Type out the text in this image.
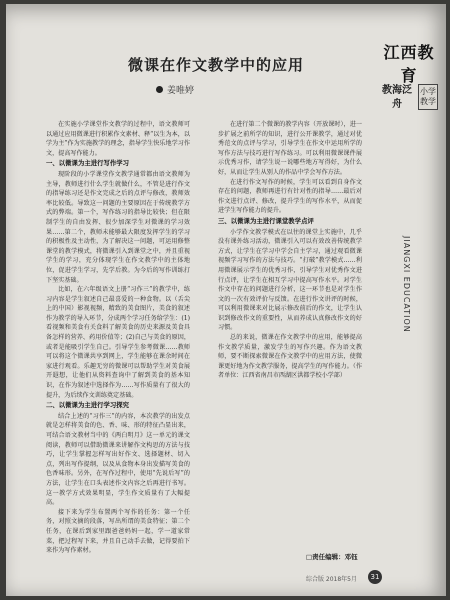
微课在作文教学中的应用
姜唯婷
江西教育
教海泛舟
小学教学
JIANGXI EDUCATION

在实施小学课堂作文教学的过程中，语文教师可以通过应用微课进行积累作文素材、释“以生为本，以学为主”作为实施教学的理念，指导学生快乐地学习作文，提高写作能力。

一、以微课为主进行写作学习

现阶段的小学课堂作文教学通常都由语文教师为主导，教师进行什么学生就做什么，不管是进行作文的指导练习还是作文完成之后的点评与修改，教师效率比较低。导致这一问题的主要原因在于传统教学方式的弊端。第一个，写作练习的指导比较快；但在限制学生的自由发挥、很少加深学生对微课的学习效果……第二个，教师未能够最大限度发挥学生的学习的积极性及主动性，为了解决这一问题，可运用修整课堂的教学模式，将微课引入到课堂之中，并且重视学生的学习，充分体现学生在作文教学中的主体地位，促进学生学习，先学后教。为今后的写作训练打下坚实基础。

比如，在六年级语文上册“习作三”的教学中，练习内容是学生叙述自己最喜爱的一种食物。以（舌尖上的中国）影视视频，精致的美食图片，美食的叙述作为教学的导入环节，分成两个学习任务给学生：(1)看视频和美食有关食料了解美食的历史来源及美食具备怎样的营养、药用价值等；(2)自己与美食的原因，或者是能吸引学生自己。引导学生参考微课……教师可以将这个微课共享到网上，学生能够在课余时间在家进行观看。乐趣无穷的微课可以帮助学生对美食展开遐想，让他们从资料查询中了解到美食的基本知识，在作为叙述中选择作为……写作质量有了很大的提升，为后续作文训练奠定基础。

二、以微课为主进行学习探究

结合上述的“习作三”的内容，本次教学的出发点就是怎样将美食的色、香、味、形的特征凸显出来，可结合语文教材当中的《两白明月》这一单元的课文阅读，教师可以借助微课来讲解作文构思的方法与技巧，让学生掌握怎样写出好作文、选择题材、切入点，列出写作提纲，以及从食物本身出发描写美食的色香味形。另外，在写作过程中，使用“先说后写”的方法，让学生在口头表述作文内容之后再进行书写。这一教学方式效果明显，学生作文质量有了大幅提高。

接下来为学生布置两个写作的任务：第一个任务，对照文摘的段落，写出所谓的美食特征；第二个任务，在课后到家里跟爸爸妈妈一起，学一道家常菜，把过程写下来，并且自己动手去做，记得要拍下来作为写作素材。

在进行第二个微课的教学内容（开放课时），进一步扩展之前所学的知识，进行公开课教学，通过对优秀范文的点评与学习，引导学生在作文中运用所学的写作方法与技巧进行写作练习。可以利用微课课件展示优秀习作，请学生说一说哪些地方写得好，为什么好，从而让学生从别人的作品中学会写作方法。

在进行作文写作的时候，学生可以看到自身作文存在的问题，教师再进行有针对性的指导……最后对作文进行点评、修改，提升学生的写作水平，从而促进学生写作能力的提升。

三、以微课为主进行课堂教学点评

小学作文教学模式在以往的课堂上实施中，几乎没有课外练习活动，微课引入可以有效改善传统教学方式，让学生在学习中学会自主学习，通过观看微课视频学习写作的方法与技巧。“打破”教学模式……利用微课展示学生的优秀习作，引导学生对优秀作文进行点评，让学生在相互学习中提高写作水平。对学生作文中存在的问题进行分析，这一环节也是对学生作文的一次有效评价与反馈。在进行作文讲评的时候，可以利用微课来对比展示修改前后的作文，让学生认识到修改作文的重要性，从而养成认真修改作文的好习惯。

总的来说，微课在作文教学中的应用，能够提高作文教学质量，激发学生的写作兴趣。作为语文教师，要不断探索微课在作文教学中的应用方法，使微课更好地为作文教学服务，提高学生的写作能力。（作者单位：江西省南昌市西湖区洪都学校小学部）

□责任编辑：邓钰
综合版 2018年5月	31
